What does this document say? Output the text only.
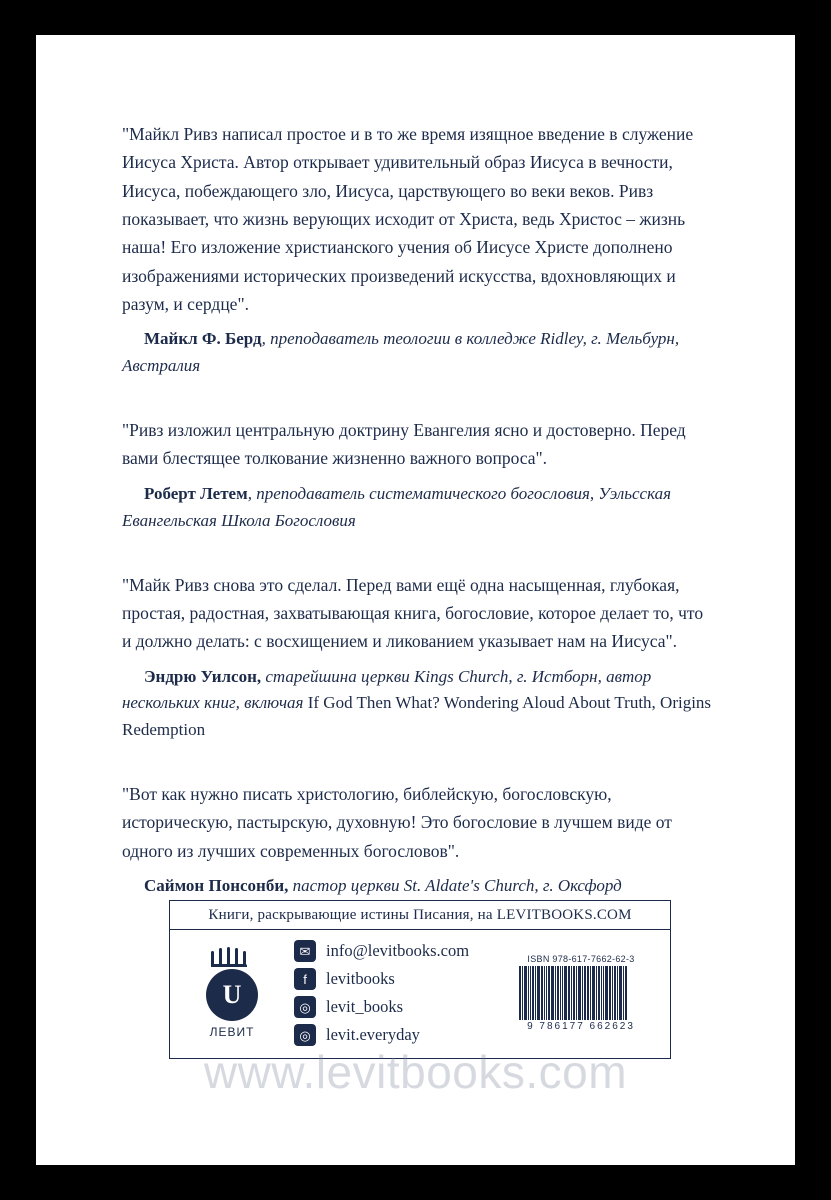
"Майкл Ривз написал простое и в то же время изящное введение в служение Иисуса Христа. Автор открывает удивительный образ Иисуса в вечности, Иисуса, побеждающего зло, Иисуса, царствующего во веки веков. Ривз показывает, что жизнь верующих исходит от Христа, ведь Христос – жизнь наша! Его изложение христианского учения об Иисусе Христе дополнено изображениями исторических произведений искусства, вдохновляющих и разум, и сердце".

Майкл Ф. Берд, преподаватель теологии в колледже Ridley, г. Мельбурн, Австралия

"Ривз изложил центральную доктрину Евангелия ясно и достоверно. Перед вами блестящее толкование жизненно важного вопроса".

Роберт Летем, преподаватель систематического богословия, Уэльсская Евангельская Школа Богословия

"Майк Ривз снова это сделал. Перед вами ещё одна насыщенная, глубокая, простая, радостная, захватывающая книга, богословие, которое делает то, что и должно делать: с восхищением и ликованием указывает нам на Иисуса".

Эндрю Уилсон, старейшина церкви Kings Church, г. Истборн, автор нескольких книг, включая If God Then What? Wondering Aloud About Truth, Origins Redemption

"Вот как нужно писать христологию, библейскую, богословскую, историческую, пастырскую, духовную! Это богословие в лучшем виде от одного из лучших современных богословов".

Саймон Понсонби, пастор церкви St. Aldate's Church, г. Оксфорд

Книги, раскрывающие истины Писания, на LEVITBOOKS.COM
U
ЛЕВИТ
✉ info@levitbooks.com
f	levitbooks
◎ levit_books
◎ levit.everyday
ISBN 978-617-7662-62-3
9 786177 662623
www.levitbooks.com
